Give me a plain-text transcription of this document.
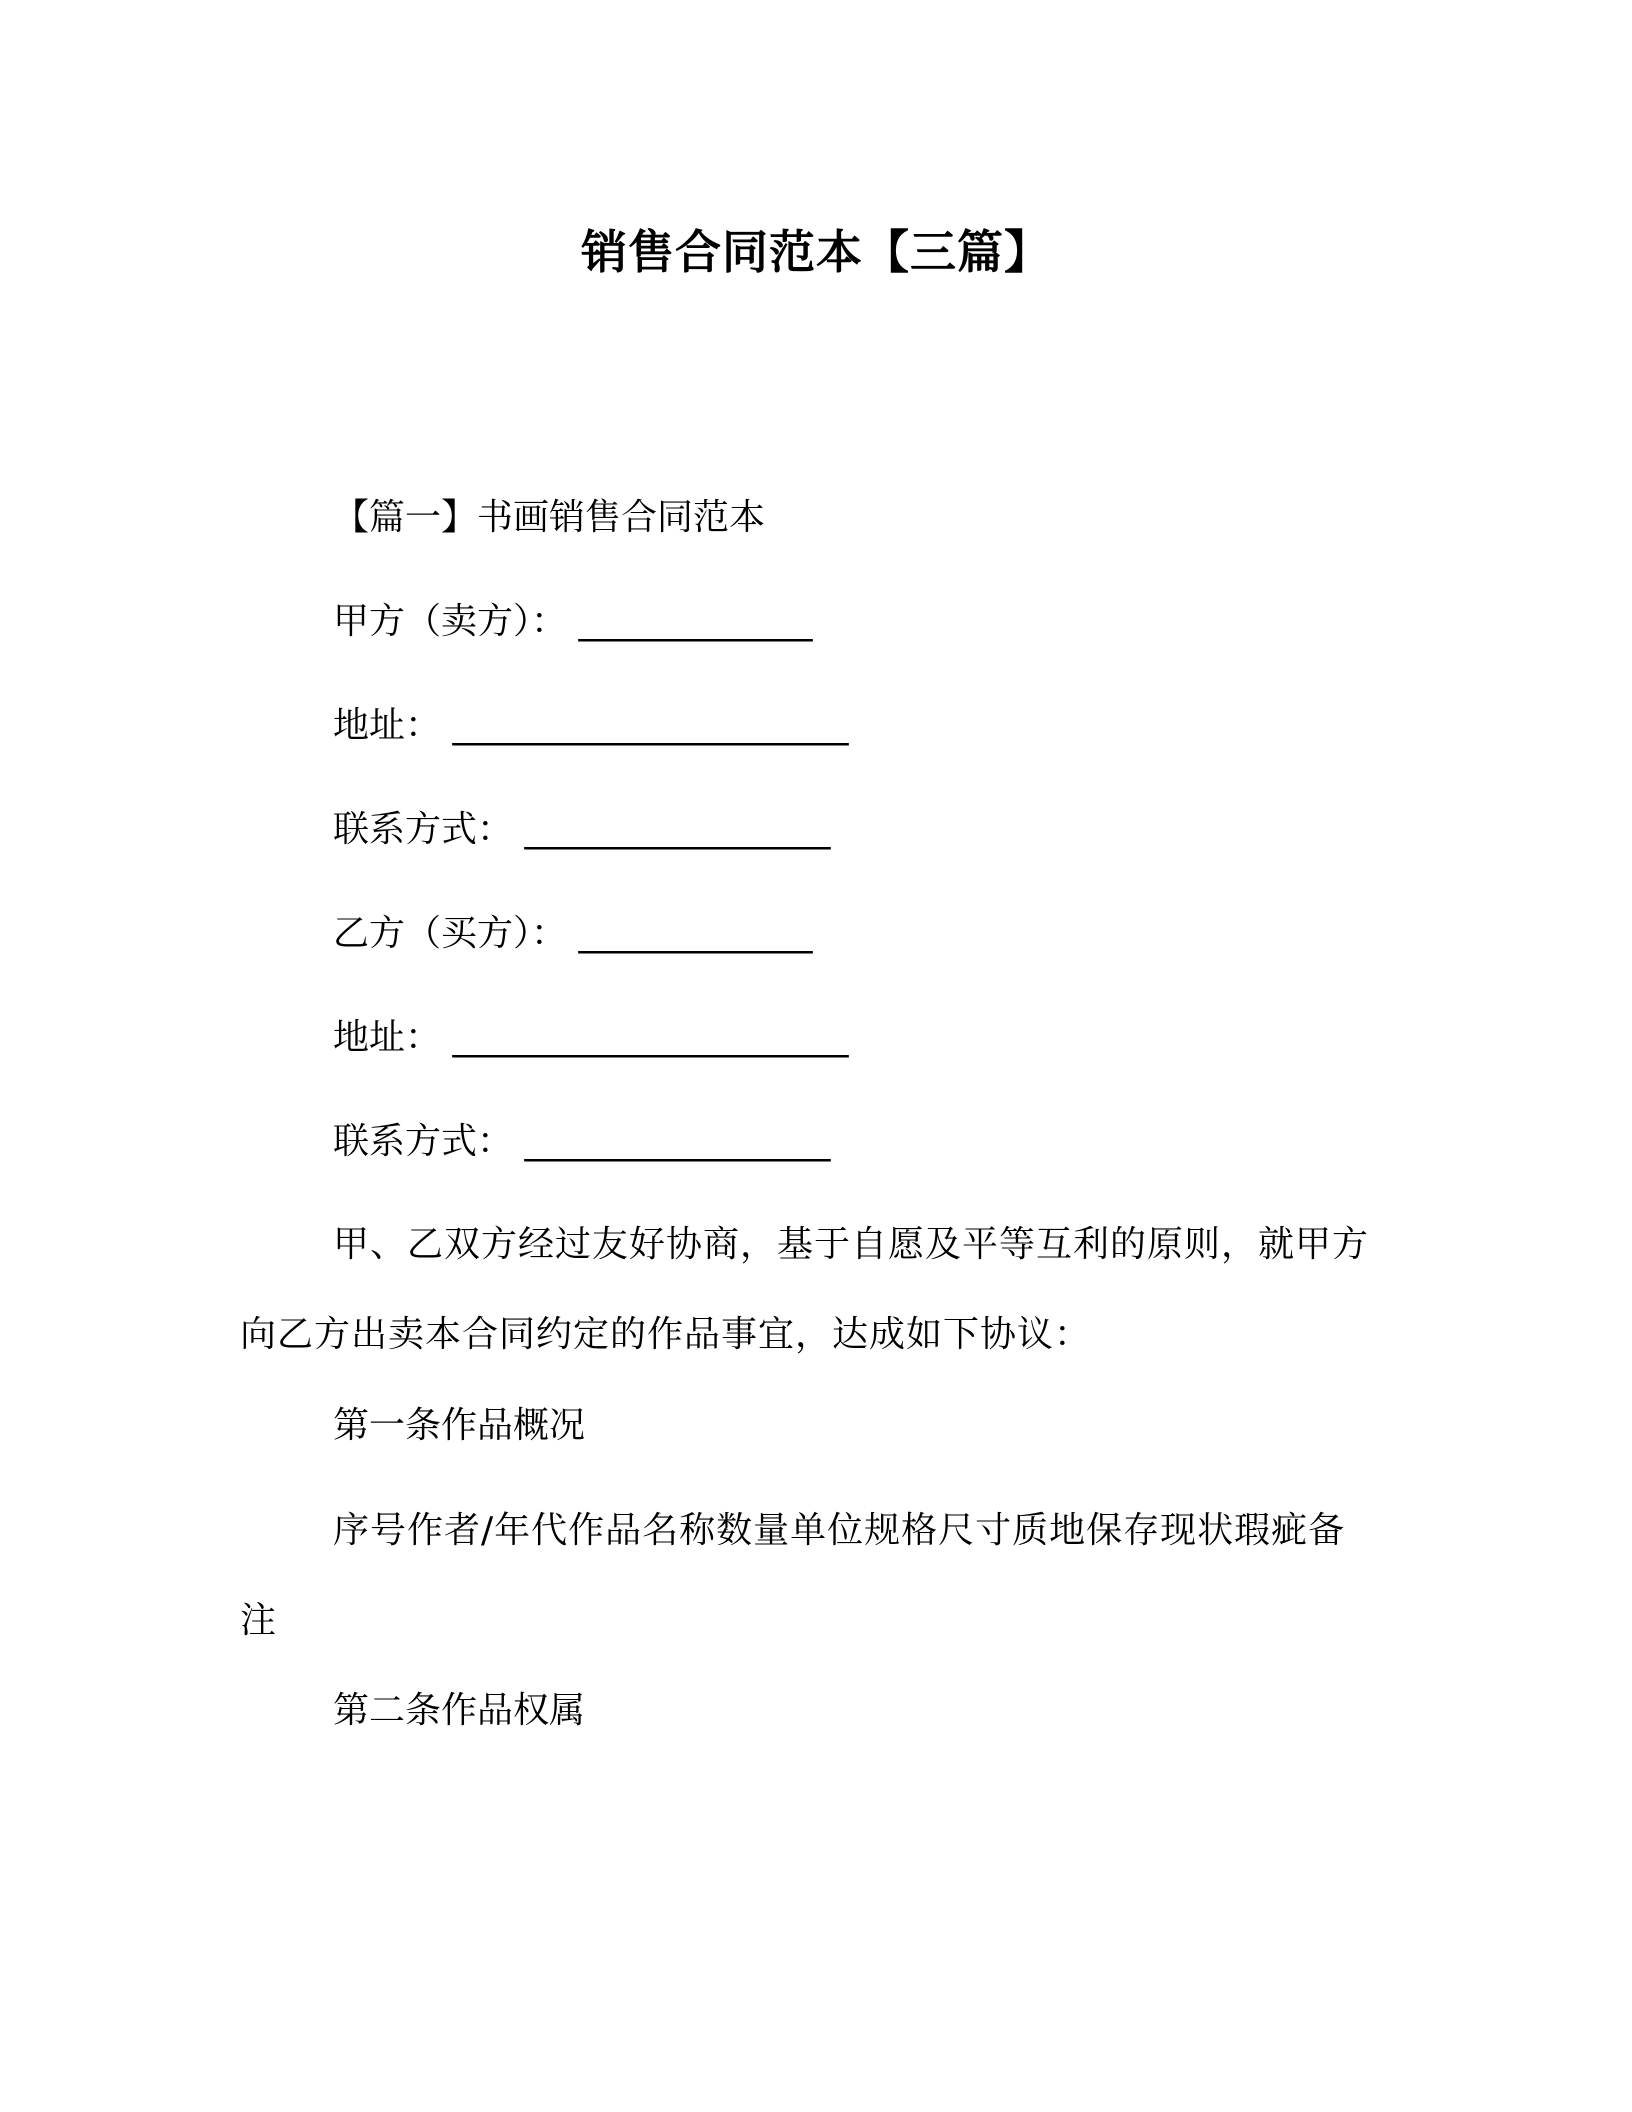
销售合同范本【三篇】
【篇一】书画销售合同范本
甲方（卖方）： _____________
地址： ______________________
联系方式： _________________
乙方（买方）： _____________
地址： ______________________
联系方式： _________________
甲、乙双方经过友好协商，基于自愿及平等互利的原则，就甲方向乙方出卖本合同约定的作品事宜，达成如下协议：
第一条作品概况
序号作者/年代作品名称数量单位规格尺寸质地保存现状瑕疵备注
第二条作品权属
